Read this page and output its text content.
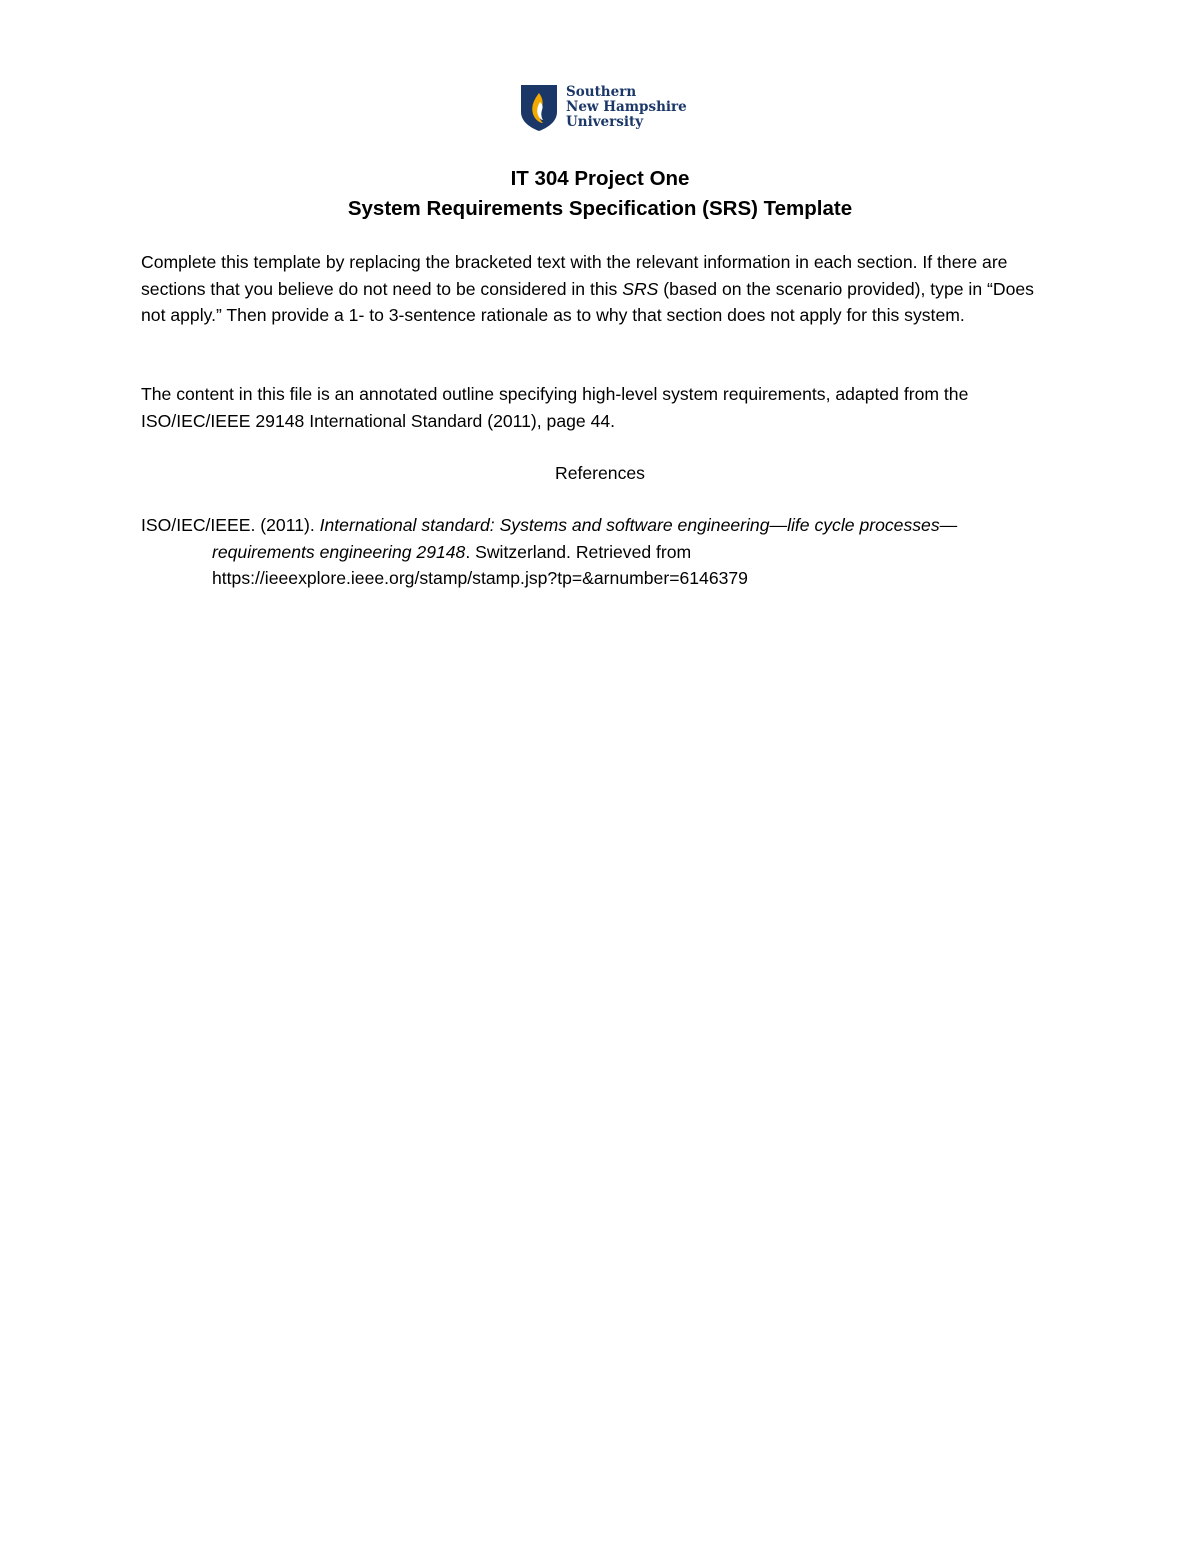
Southern
New Hampshire
University
IT 304 Project One
System Requirements Specification (SRS) Template
Complete this template by replacing the bracketed text with the relevant information in each section. If there are sections that you believe do not need to be considered in this SRS (based on the scenario provided), type in “Does not apply.” Then provide a 1- to 3-sentence rationale as to why that section does not apply for this system.
The content in this file is an annotated outline specifying high-level system requirements, adapted from the ISO/IEC/IEEE 29148 International Standard (2011), page 44.
References
ISO/IEC/IEEE. (2011). International standard: Systems and software engineering—life cycle processes—
requirements engineering 29148. Switzerland. Retrieved from
https://ieeexplore.ieee.org/stamp/stamp.jsp?tp=&arnumber=6146379
